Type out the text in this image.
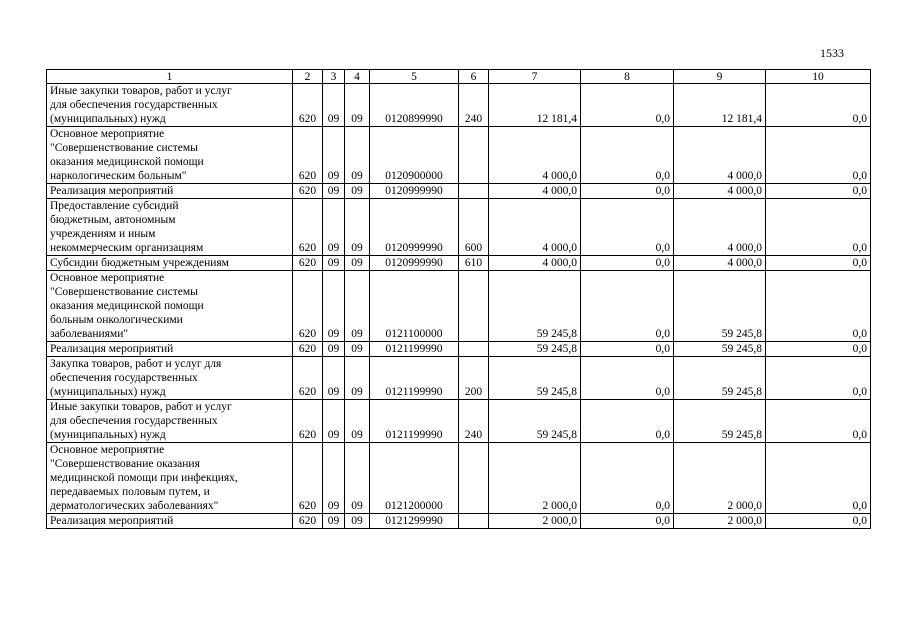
1533
1	2	3	4	5	6	7	8	9	10
Иные закупки товаров, работ и услуг
для обеспечения государственных
(муниципальных) нужд	620	09	09	0120899990	240	12 181,4	0,0	12 181,4	0,0
Основное мероприятие
"Совершенствование системы
оказания медицинской помощи
наркологическим больным"	620	09	09	0120900000		4 000,0	0,0	4 000,0	0,0
Реализация мероприятий	620	09	09	0120999990		4 000,0	0,0	4 000,0	0,0
Предоставление субсидий
бюджетным, автономным
учреждениям и иным
некоммерческим организациям	620	09	09	0120999990	600	4 000,0	0,0	4 000,0	0,0
Субсидии бюджетным учреждениям	620	09	09	0120999990	610	4 000,0	0,0	4 000,0	0,0
Основное мероприятие
"Совершенствование системы
оказания медицинской помощи
больным онкологическими
заболеваниями"	620	09	09	0121100000		59 245,8	0,0	59 245,8	0,0
Реализация мероприятий	620	09	09	0121199990		59 245,8	0,0	59 245,8	0,0
Закупка товаров, работ и услуг для
обеспечения государственных
(муниципальных) нужд	620	09	09	0121199990	200	59 245,8	0,0	59 245,8	0,0
Иные закупки товаров, работ и услуг
для обеспечения государственных
(муниципальных) нужд	620	09	09	0121199990	240	59 245,8	0,0	59 245,8	0,0
Основное мероприятие
"Совершенствование оказания
медицинской помощи при инфекциях,
передаваемых половым путем, и
дерматологических заболеваниях"	620	09	09	0121200000		2 000,0	0,0	2 000,0	0,0
Реализация мероприятий	620	09	09	0121299990		2 000,0	0,0	2 000,0	0,0
